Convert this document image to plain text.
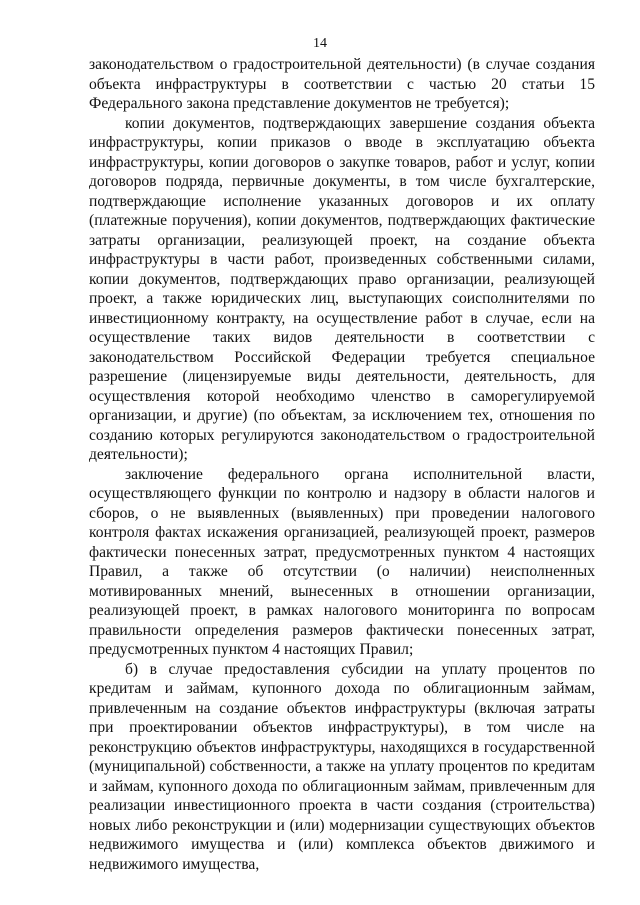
14

законодательством о градостроительной деятельности) (в случае создания объекта инфраструктуры в соответствии с частью 20 статьи 15 Федерального закона представление документов не требуется);

копии документов, подтверждающих завершение создания объекта инфраструктуры, копии приказов о вводе в эксплуатацию объекта инфраструктуры, копии договоров о закупке товаров, работ и услуг, копии договоров подряда, первичные документы, в том числе бухгалтерские, подтверждающие исполнение указанных договоров и их оплату (платежные поручения), копии документов, подтверждающих фактические затраты организации, реализующей проект, на создание объекта инфраструктуры в части работ, произведенных собственными силами, копии документов, подтверждающих право организации, реализующей проект, а также юридических лиц, выступающих соисполнителями по инвестиционному контракту, на осуществление работ в случае, если на осуществление таких видов деятельности в соответствии с законодательством Российской Федерации требуется специальное разрешение (лицензируемые виды деятельности, деятельность, для осуществления которой необходимо членство в саморегулируемой организации, и другие) (по объектам, за исключением тех, отношения по созданию которых регулируются законодательством о градостроительной деятельности);

заключение федерального органа исполнительной власти, осуществляющего функции по контролю и надзору в области налогов и сборов, о не выявленных (выявленных) при проведении налогового контроля фактах искажения организацией, реализующей проект, размеров фактически понесенных затрат, предусмотренных пунктом 4 настоящих Правил, а также об отсутствии (о наличии) неисполненных мотивированных мнений, вынесенных в отношении организации, реализующей проект, в рамках налогового мониторинга по вопросам правильности определения размеров фактически понесенных затрат, предусмотренных пунктом 4 настоящих Правил;

б) в случае предоставления субсидии на уплату процентов по кредитам и займам, купонного дохода по облигационным займам, привлеченным на создание объектов инфраструктуры (включая затраты при проектировании объектов инфраструктуры), в том числе на реконструкцию объектов инфраструктуры, находящихся в государственной (муниципальной) собственности, а также на уплату процентов по кредитам и займам, купонного дохода по облигационным займам, привлеченным для реализации инвестиционного проекта в части создания (строительства) новых либо реконструкции и (или) модернизации существующих объектов недвижимого имущества и (или) комплекса объектов движимого и недвижимого имущества,
